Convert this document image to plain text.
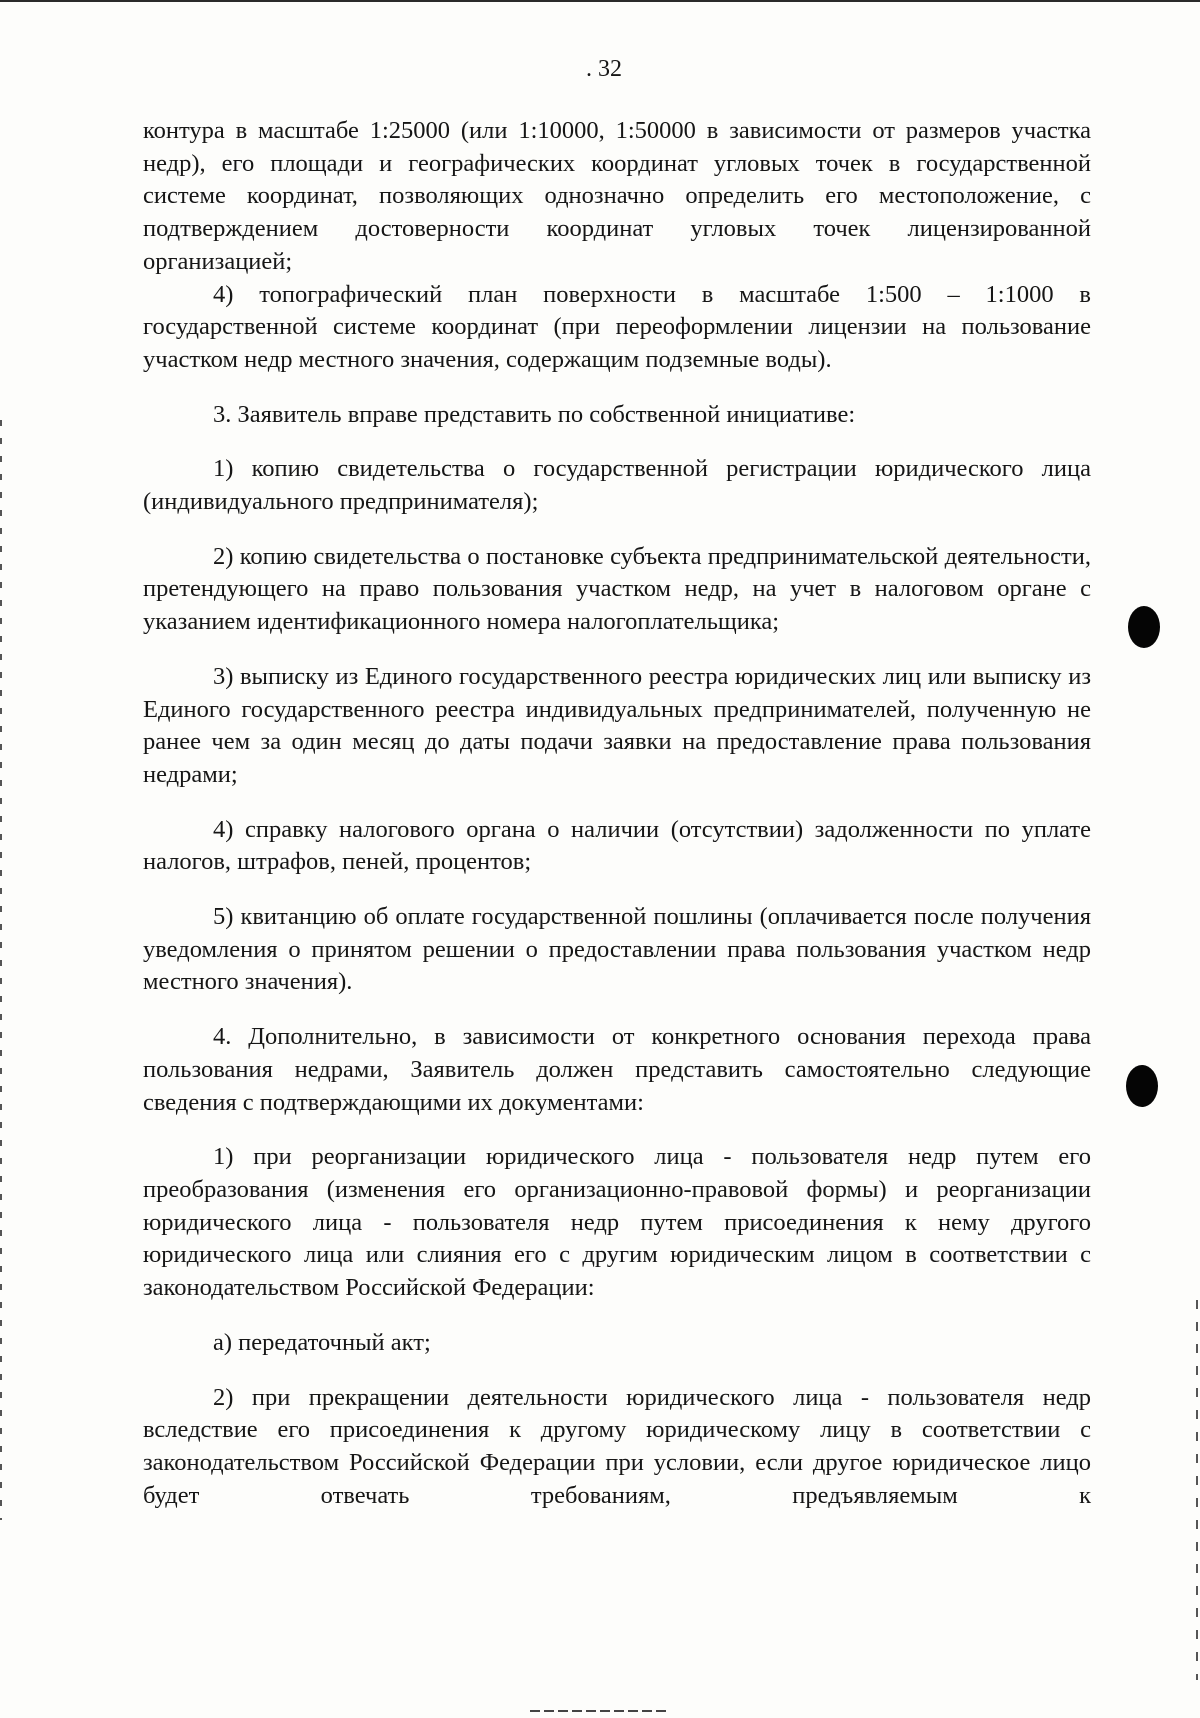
. 32

контура в масштабе 1:25000 (или 1:10000, 1:50000 в зависимости от размеров участка недр), его площади и географических координат угловых точек в государственной системе координат, позволяющих однозначно определить его местоположение, с подтверждением достоверности координат угловых точек лицензированной организацией;

4) топографический план поверхности в масштабе 1:500 – 1:1000 в государственной системе координат (при переоформлении лицензии на пользование участком недр местного значения, содержащим подземные воды).

3. Заявитель вправе представить по собственной инициативе:

1) копию свидетельства о государственной регистрации юридического лица (индивидуального предпринимателя);

2) копию свидетельства о постановке субъекта предпринимательской деятельности, претендующего на право пользования участком недр, на учет в налоговом органе с указанием идентификационного номера налогоплательщика;

3) выписку из Единого государственного реестра юридических лиц или выписку из Единого государственного реестра индивидуальных предпринимателей, полученную не ранее чем за один месяц до даты подачи заявки на предоставление права пользования недрами;

4) справку налогового органа о наличии (отсутствии) задолженности по уплате налогов, штрафов, пеней, процентов;

5) квитанцию об оплате государственной пошлины (оплачивается после получения уведомления о принятом решении о предоставлении права пользования участком недр местного значения).

4. Дополнительно, в зависимости от конкретного основания перехода права пользования недрами, Заявитель должен представить самостоятельно следующие сведения с подтверждающими их документами:

1) при реорганизации юридического лица - пользователя недр путем его преобразования (изменения его организационно-правовой формы) и реорганизации юридического лица - пользователя недр путем присоединения к нему другого юридического лица или слияния его с другим юридическим лицом в соответствии с законодательством Российской Федерации:

а) передаточный акт;

2) при прекращении деятельности юридического лица - пользователя недр вследствие его присоединения к другому юридическому лицу в соответствии с законодательством Российской Федерации при условии, если другое юридическое лицо будет отвечать требованиям, предъявляемым к
